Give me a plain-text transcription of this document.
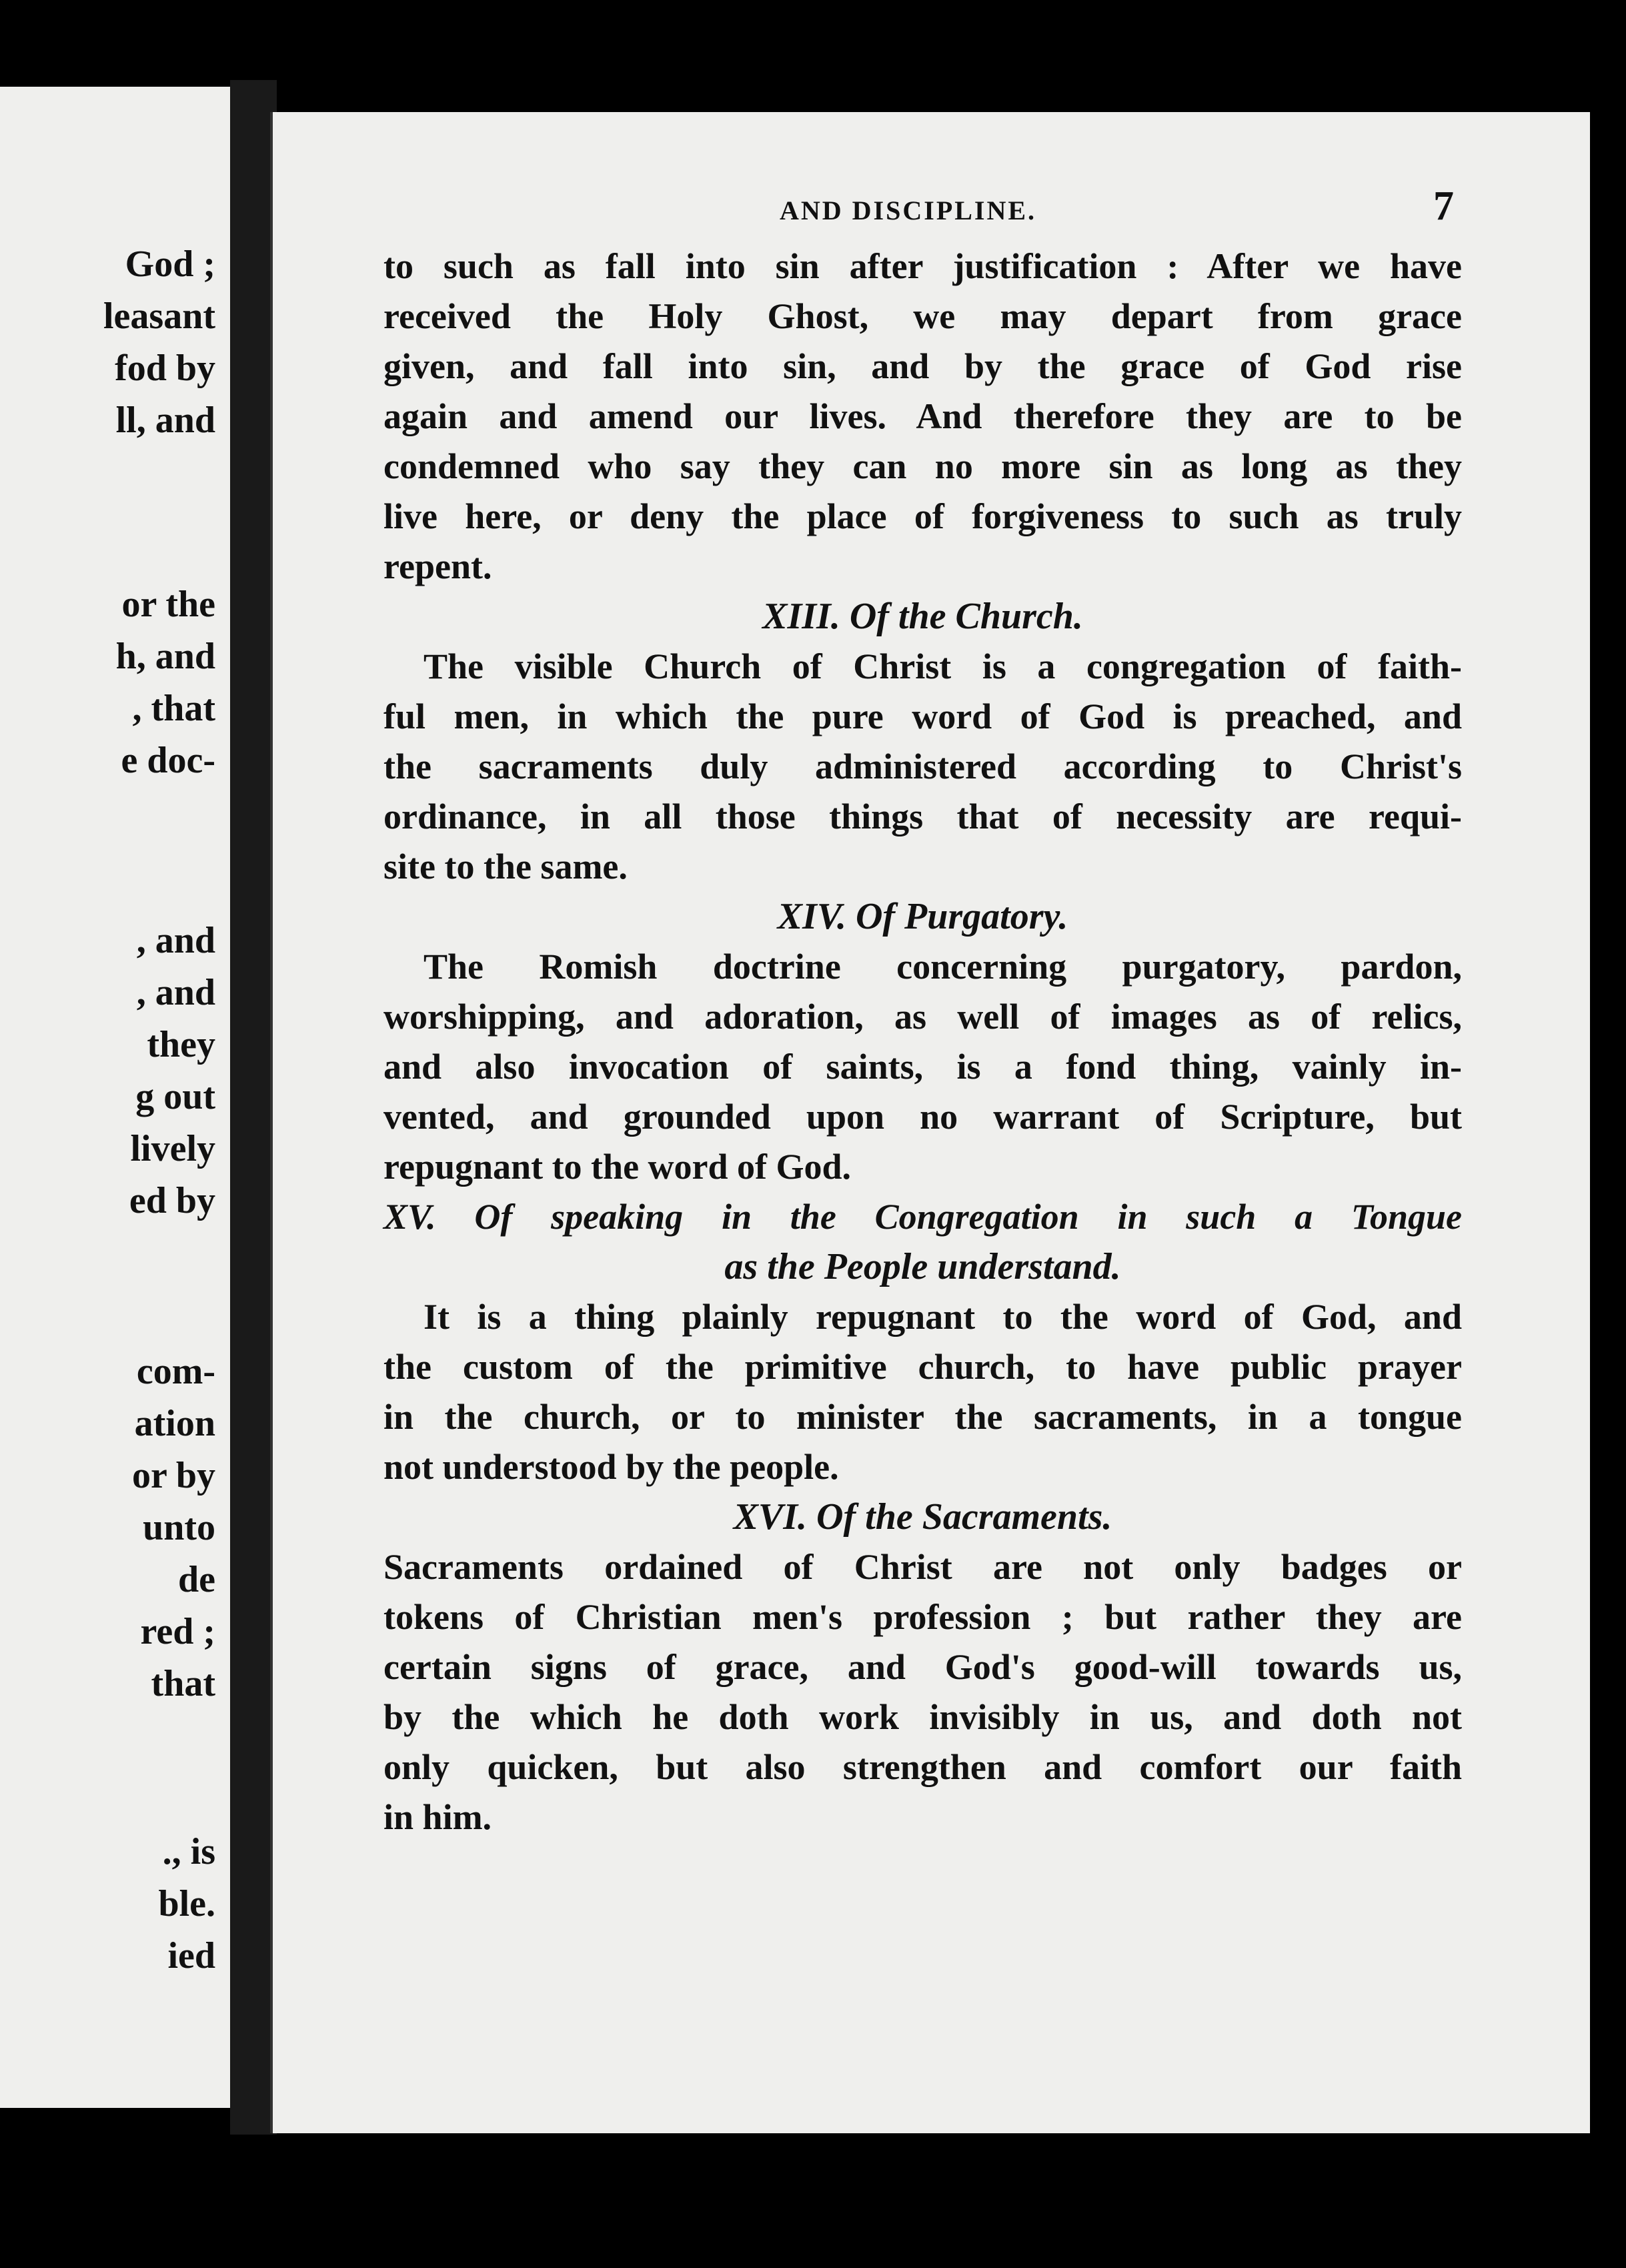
God ;
leasant
fod by
ll, and
or the
h, and
, that
e doc-
, and
, and
they
g out
lively
ed by
com-
ation
or by
unto
de
red ;
that
., is
ble.
ied
AND DISCIPLINE.	7
to such as fall into sin after justification : After we have
received the Holy Ghost, we may depart from grace
given, and fall into sin, and by the grace of God rise
again and amend our lives. And therefore they are to be
condemned who say they can no more sin as long as they
live here, or deny the place of forgiveness to such as truly
repent.
XIII. Of the Church.
The visible Church of Christ is a congregation of faith-
ful men, in which the pure word of God is preached, and
the sacraments duly administered according to Christ's
ordinance, in all those things that of necessity are requi-
site to the same.
XIV. Of Purgatory.
The Romish doctrine concerning purgatory, pardon,
worshipping, and adoration, as well of images as of relics,
and also invocation of saints, is a fond thing, vainly in-
vented, and grounded upon no warrant of Scripture, but
repugnant to the word of God.
XV. Of speaking in the Congregation in such a Tongue
as the People understand.
It is a thing plainly repugnant to the word of God, and
the custom of the primitive church, to have public prayer
in the church, or to minister the sacraments, in a tongue
not understood by the people.
XVI. Of the Sacraments.
Sacraments ordained of Christ are not only badges or
tokens of Christian men's profession ; but rather they are
certain signs of grace, and God's good-will towards us,
by the which he doth work invisibly in us, and doth not
only quicken, but also strengthen and comfort our faith
in him.
